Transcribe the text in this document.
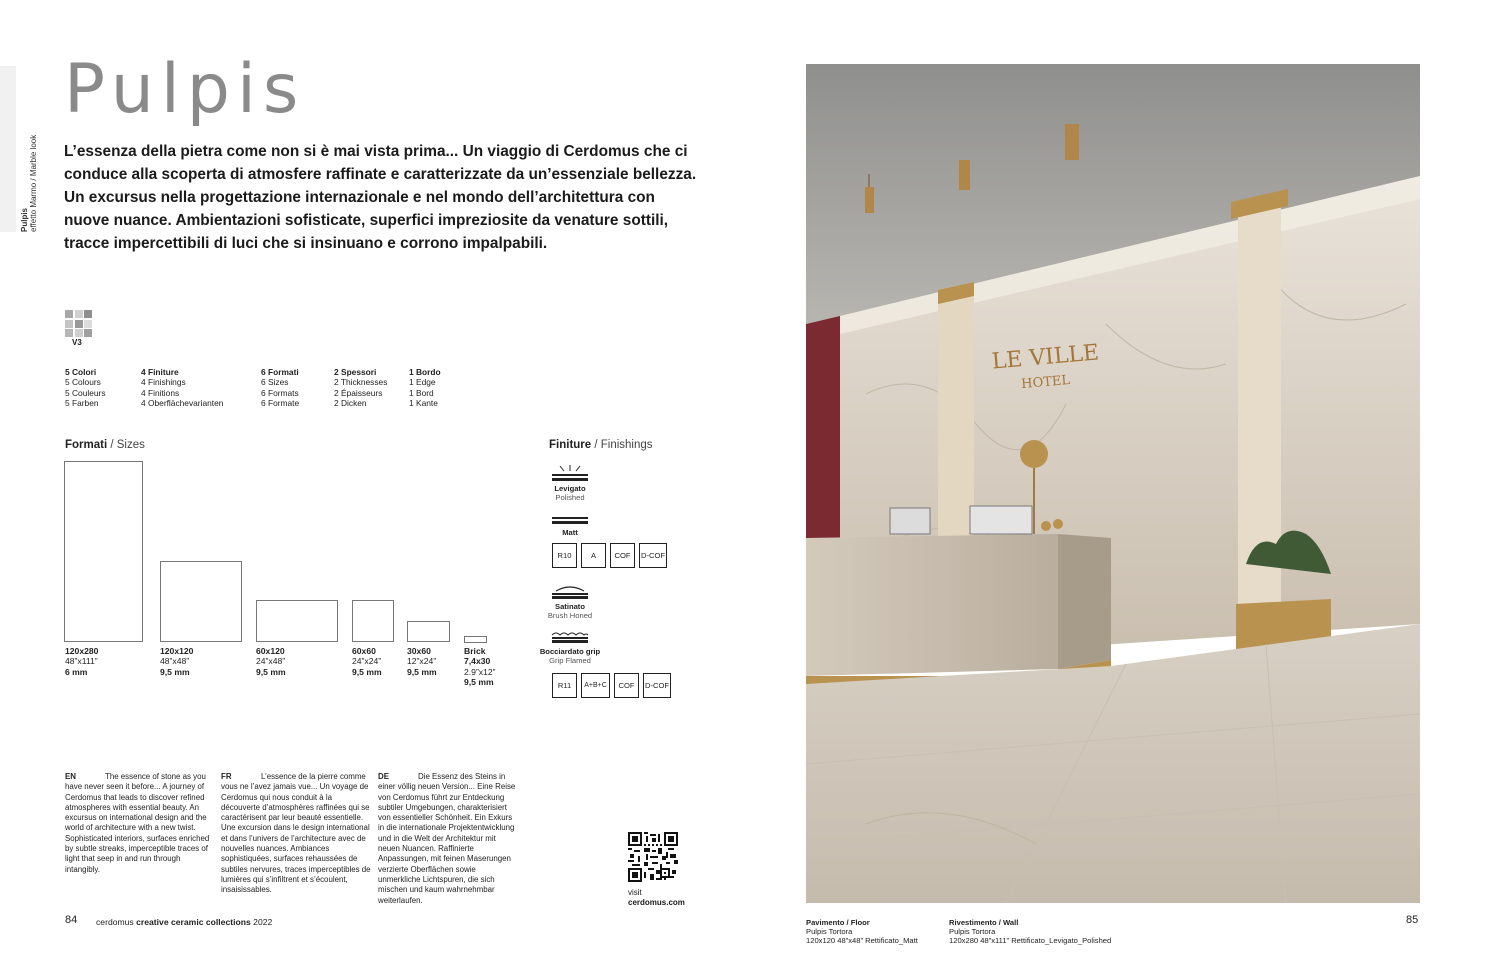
Pulpis
effetto Marmo / Marble look
Pulpis
L’essenza della pietra come non si è mai vista prima... Un viaggio di Cerdomus che ci conduce alla scoperta di atmosfere raffinate e caratterizzate da un’essenziale bellezza. Un excursus nella progettazione internazionale e nel mondo dell’architettura con nuove nuance. Ambientazioni sofisticate, superfici impreziosite da venature sottili, tracce impercettibili di luci che si insinuano e corrono impalpabili.
V3
5 Colori
5 Colours
5 Couleurs
5 Farben
4 Finiture
4 Finishings
4 Finitions
4 Oberflächevarianten
6 Formati
6 Sizes
6 Formats
6 Formate
2 Spessori
2 Thicknesses
2 Épaisseurs
2 Dicken
1 Bordo
1 Edge
1 Bord
1 Kante
Formati / Sizes
120x280
48”x111”
6 mm
120x120
48”x48”
9,5 mm
60x120
24”x48”
9,5 mm
60x60
24”x24”
9,5 mm
30x60
12”x24”
9,5 mm
Brick
7,4x30
2.9”x12”
9,5 mm
Finiture / Finishings
Levigato
Polished
Matt
R10	A	COF	D-COF
Satinato
Brush Honed
Bocciardato grip
Grip Flamed
R11	A+B+C	COF	D-COF
EN	The essence of stone as you have never seen it before... A journey of Cerdomus that leads to discover refined atmospheres with essential beauty. An excursus on international design and the world of architecture with a new twist. Sophisticated interiors, surfaces enriched by subtle streaks, imperceptible traces of light that seep in and run through intangibly.
FR	L’essence de la pierre comme vous ne l’avez jamais vue... Un voyage de Cerdomus qui nous conduit à la découverte d’atmosphères raffinées qui se caractérisent par leur beauté essentielle. Une excursion dans le design international et dans l’univers de l’architecture avec de nouvelles nuances. Ambiances sophistiquées, surfaces rehaussées de subtiles nervures, traces imperceptibles de lumières qui s’infiltrent et s’écoulent, insaisissables.
DE	Die Essenz des Steins in einer völlig neuen Version... Eine Reise von Cerdomus führt zur Entdeckung subtiler Umgebungen, charakterisiert von essentieller Schönheit. Ein Exkurs in die internationale Projektentwicklung und in die Welt der Architektur mit neuen Nuancen. Raffinierte Anpassungen, mit feinen Maserungen verzierte Oberflächen sowie unmerkliche Lichtspuren, die sich mischen und kaum wahrnehmbar weiterlaufen.
visit
cerdomus.com
84 cerdomus creative ceramic collections 2022
LE VILLE
HOTEL
Pavimento / Floor
Pulpis Tortora
120x120 48”x48” Rettificato_Matt
Rivestimento / Wall
Pulpis Tortora
120x280 48”x111” Rettificato_Levigato_Polished
85
